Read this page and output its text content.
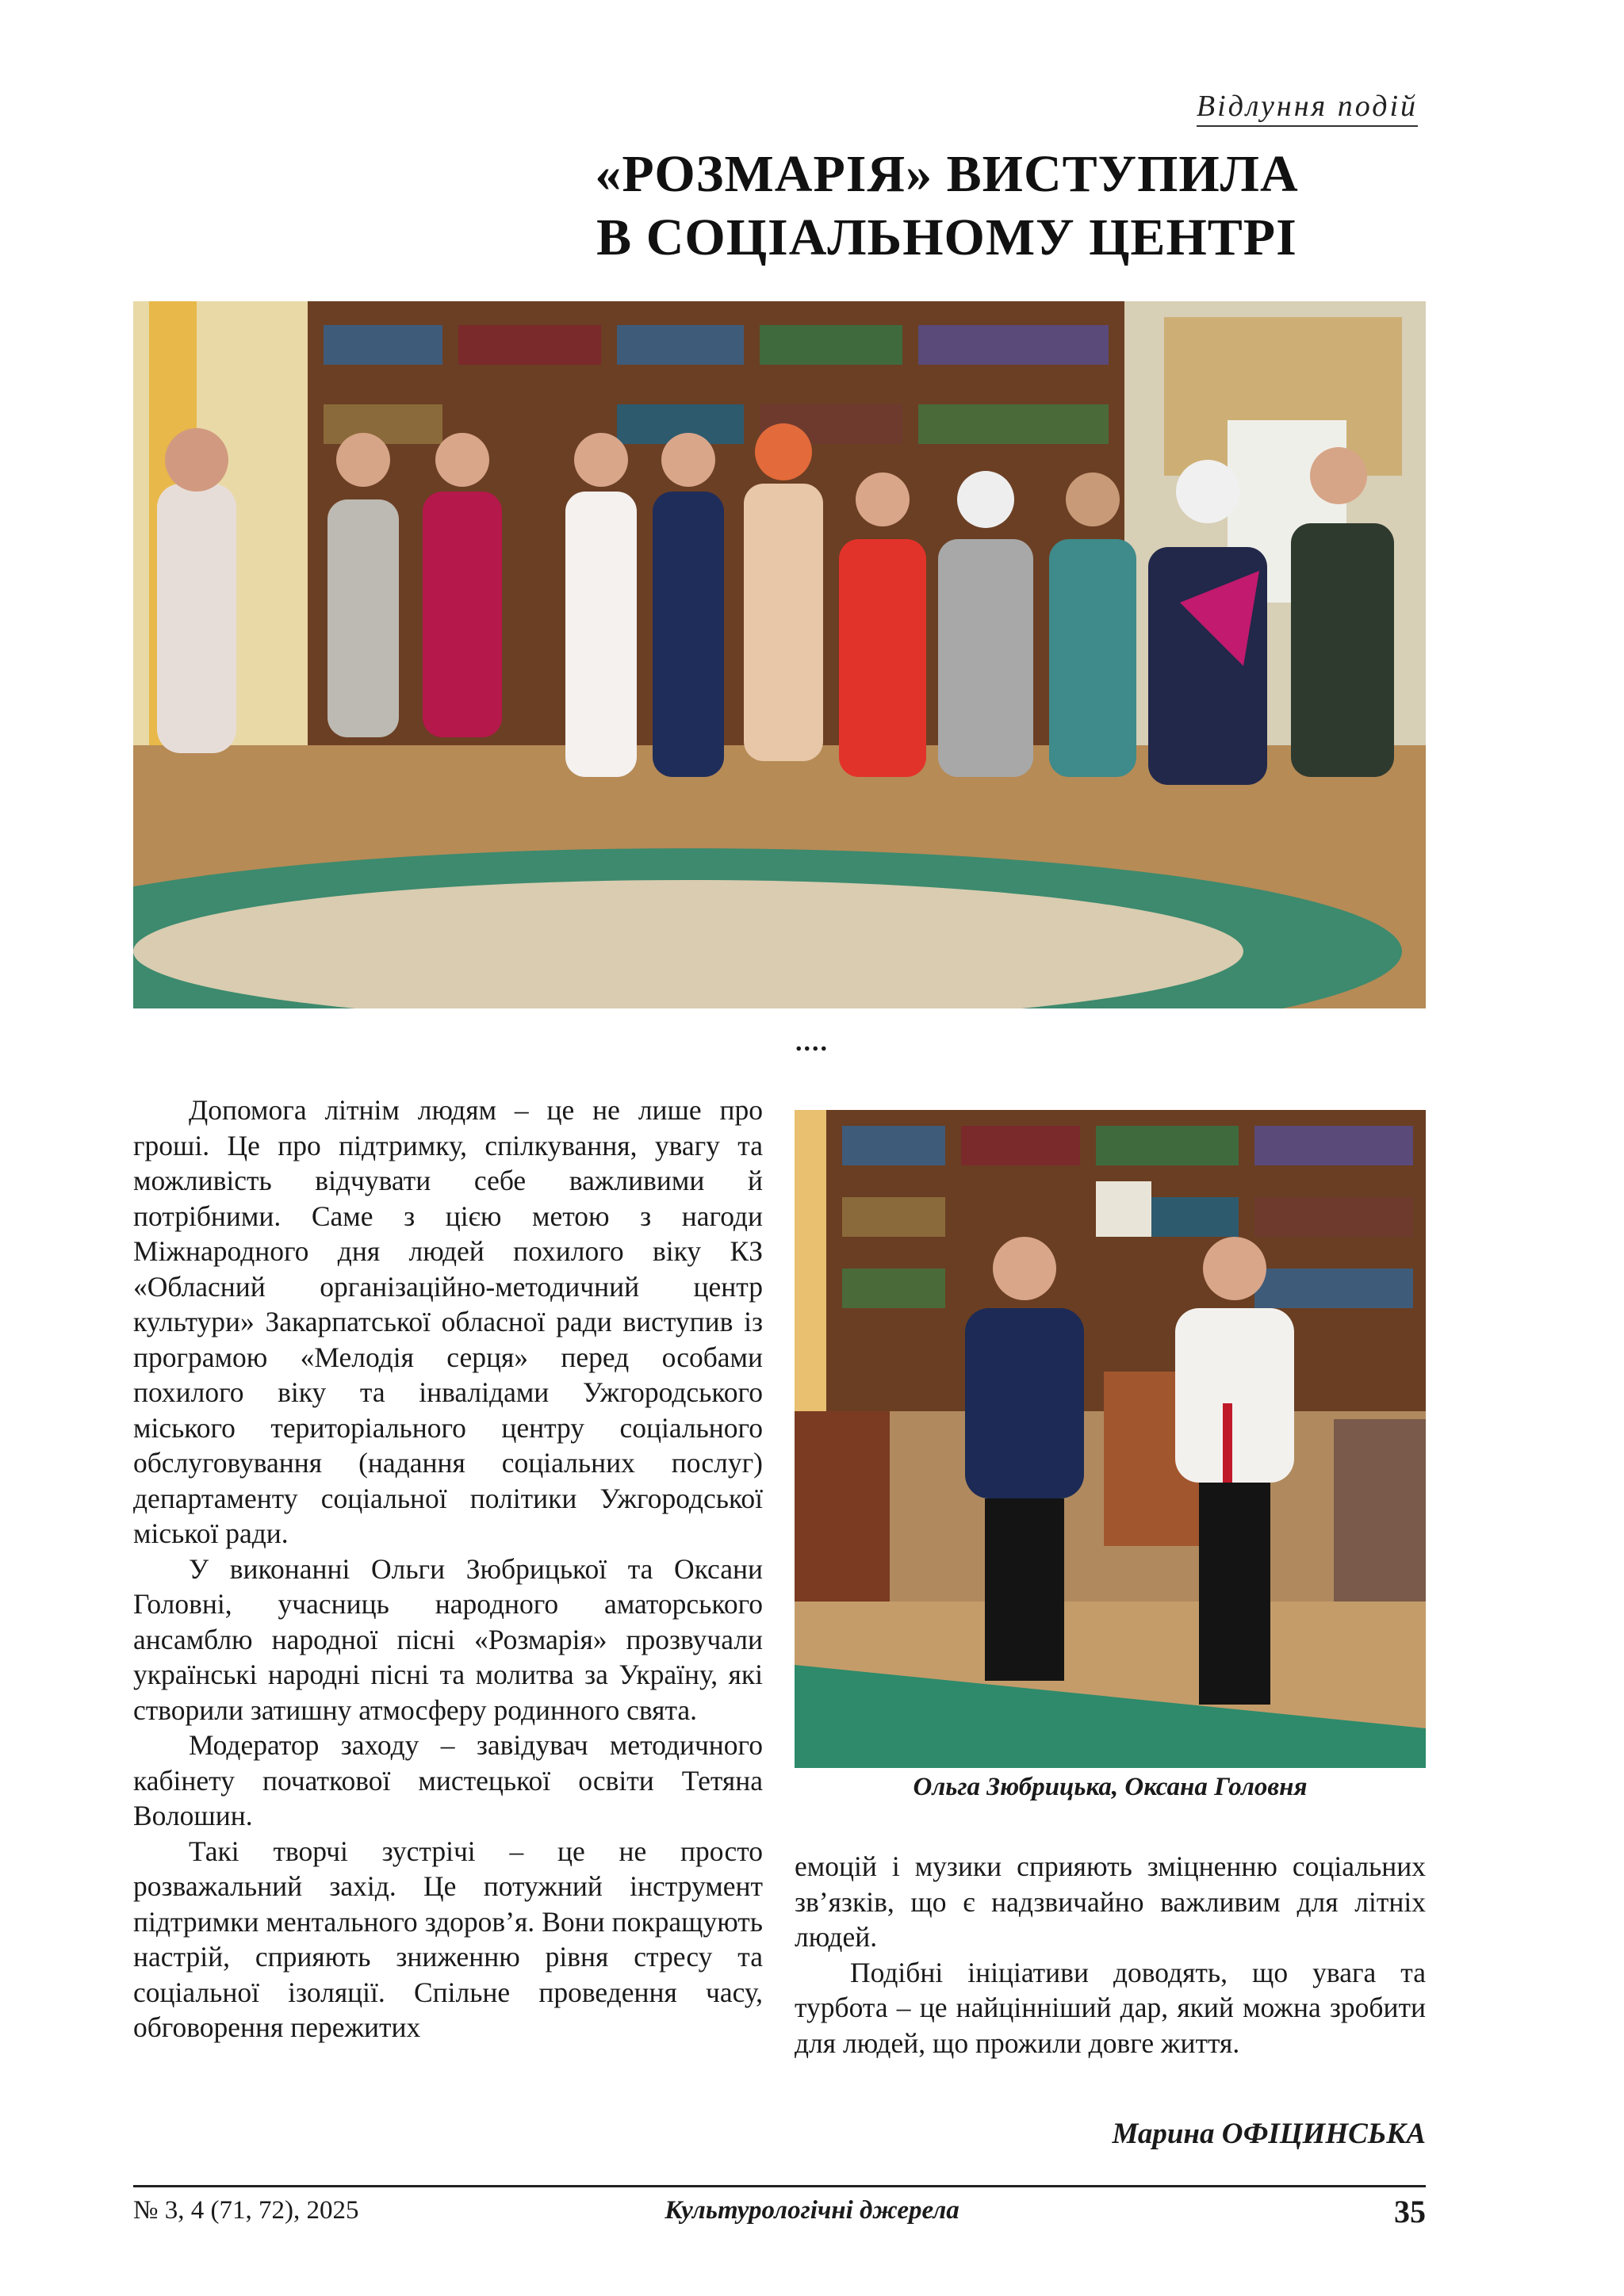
Відлуння подій
«РОЗМАРІЯ» ВИСТУПИЛА
В СОЦІАЛЬНОМУ ЦЕНТРІ
....

Допомога літнім людям – це не лише про гроші. Це про підтримку, спілкування, увагу та можливість відчувати себе важливими й потрібними. Саме з цією метою з нагоди Міжнародного дня людей похилого віку КЗ «Обласний організаційно-методичний центр культури» Закарпатської обласної ради виступив із програмою «Мелодія серця» перед особами похилого віку та інвалідами Ужгородського міського територіального центру соціального обслуговування (надання соціальних послуг) департаменту соціальної політики Ужгородської міської ради.

У виконанні Ольги Зюбрицької та Оксани Головні, учасниць народного аматорського ансамблю народної пісні «Розмарія» прозвучали українські народні пісні та молитва за Україну, які створили затишну атмосферу родинного свята.

Модератор заходу – завідувач методичного кабінету початкової мистецької освіти Тетяна Волошин.

Такі творчі зустрічі – це не просто розважальний захід. Це потужний інструмент підтримки ментального здоров’я. Вони покращують настрій, сприяють зниженню рівня стресу та соціальної ізоляції. Спільне проведення часу, обговорення пережитих

Ольга Зюбрицька, Оксана Головня

емоцій і музики сприяють зміцненню соціальних зв’язків, що є надзвичайно важливим для літніх людей.

Подібні ініціативи доводять, що увага та турбота – це найцінніший дар, який можна зробити для людей, що прожили довге життя.

Марина ОФІЦИНСЬКА
№ 3, 4 (71, 72), 2025	Культурологічні джерела	35
